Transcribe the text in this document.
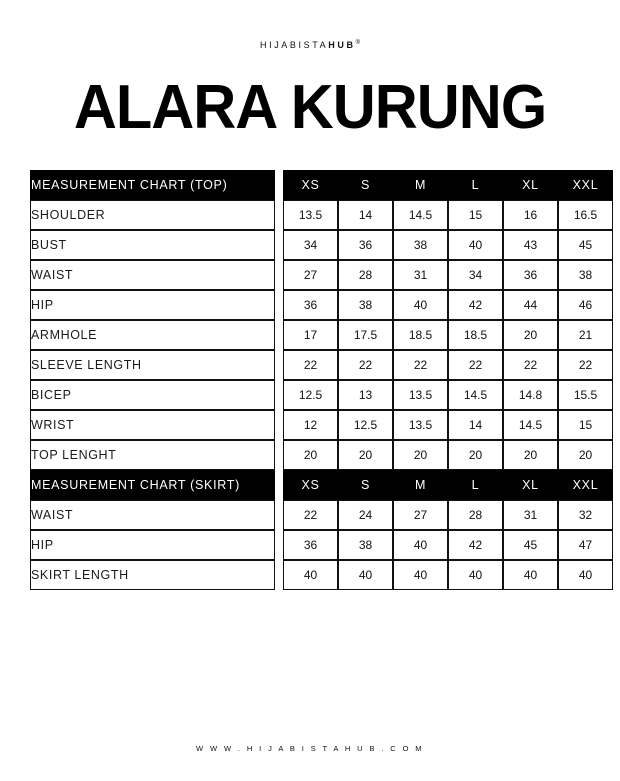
HIJABISTAHUB®
ALARA KURUNG
MEASUREMENT CHART (TOP)		XS	S	M	L	XL	XXL
SHOULDER		13.5	14	14.5	15	16	16.5
BUST		34	36	38	40	43	45
WAIST		27	28	31	34	36	38
HIP		36	38	40	42	44	46
ARMHOLE		17	17.5	18.5	18.5	20	21
SLEEVE LENGTH		22	22	22	22	22	22
BICEP		12.5	13	13.5	14.5	14.8	15.5
WRIST		12	12.5	13.5	14	14.5	15
TOP LENGHT		20	20	20	20	20	20
MEASUREMENT CHART (SKIRT)		XS	S	M	L	XL	XXL
WAIST		22	24	27	28	31	32
HIP		36	38	40	42	45	47
SKIRT LENGTH		40	40	40	40	40	40
W W W . H I J A B I S T A H U B . C O M
